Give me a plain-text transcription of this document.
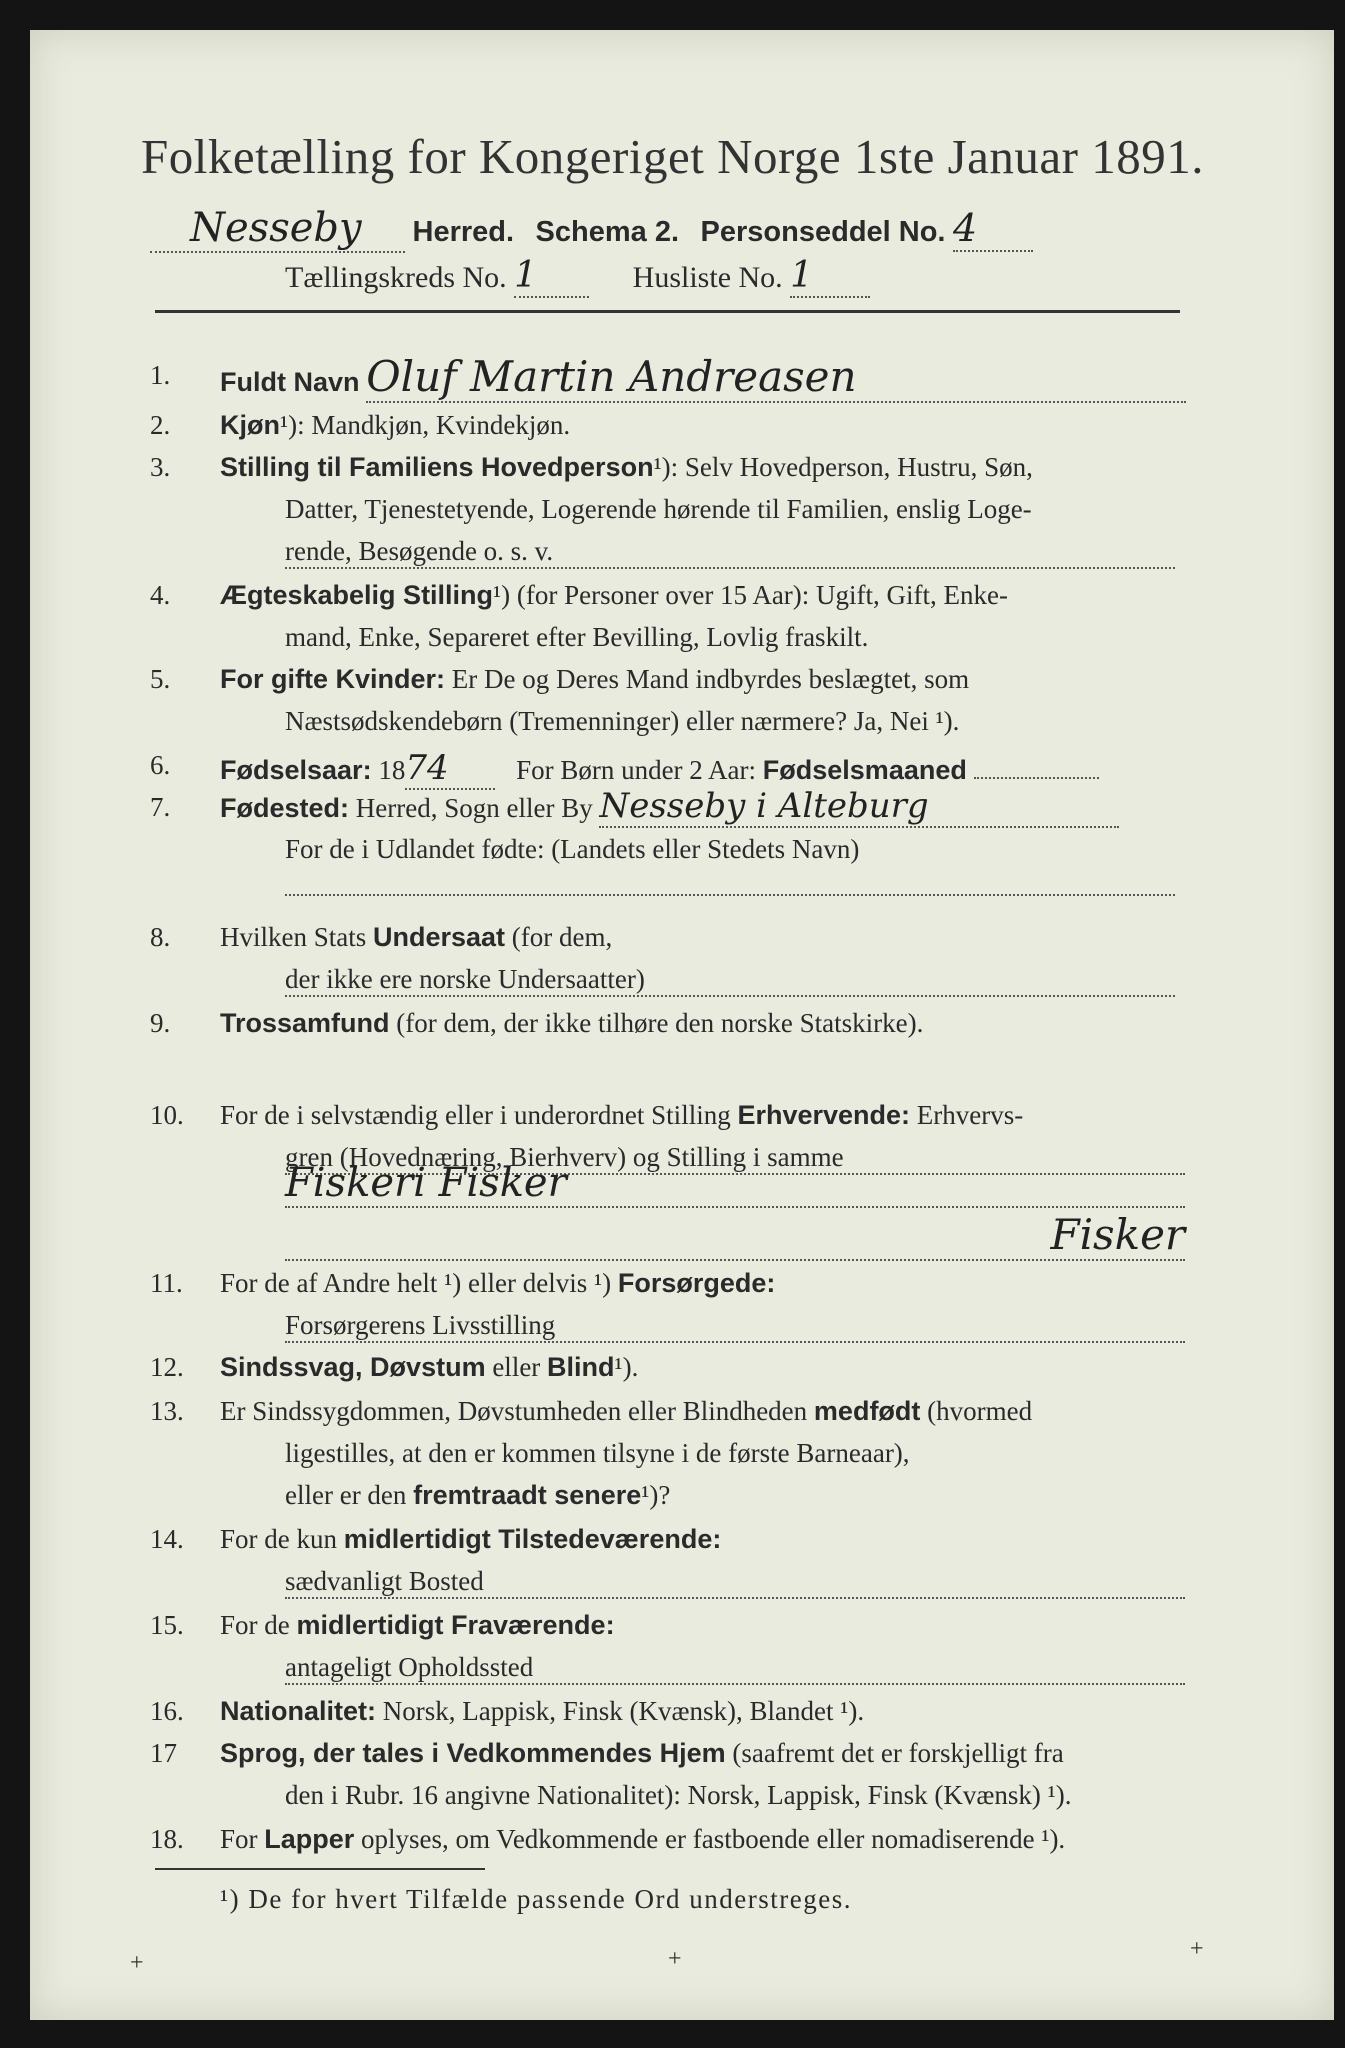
Folketælling for Kongeriget Norge 1ste Januar 1891.
Nesseby Herred. Schema 2. Personseddel No. 4
Tællingskreds No. 1	Husliste No. 1
1.	Fuldt Navn Oluf Martin Andreasen
2.	Kjøn¹): Mandkjøn, Kvindekjøn.
3.	Stilling til Familiens Hovedperson¹): Selv Hovedperson, Hustru, Søn,
Datter, Tjenestetyende, Logerende hørende til Familien, enslig Loge-
rende, Besøgende o. s. v.
4.	Ægteskabelig Stilling¹) (for Personer over 15 Aar): Ugift, Gift, Enke-
mand, Enke, Separeret efter Bevilling, Lovlig fraskilt.
5.	For gifte Kvinder: Er De og Deres Mand indbyrdes beslægtet, som
Næstsødskendebørn (Tremenninger) eller nærmere? Ja, Nei ¹).
6.	Fødselsaar: 1874 For Børn under 2 Aar: Fødselsmaaned
7.	Fødested: Herred, Sogn eller By Nesseby i Alteburg
For de i Udlandet fødte: (Landets eller Stedets Navn)
8.	Hvilken Stats Undersaat (for dem,
der ikke ere norske Undersaatter)
9.	Trossamfund (for dem, der ikke tilhøre den norske Statskirke).
10.	For de i selvstændig eller i underordnet Stilling Erhvervende: Erhvervs-
gren (Hovednæring, Bierhverv) og Stilling i samme
Fiskeri Fisker
Fisker
11.	For de af Andre helt ¹) eller delvis ¹) Forsørgede:
Forsørgerens Livsstilling
12.	Sindssvag, Døvstum eller Blind¹).
13.	Er Sindssygdommen, Døvstumheden eller Blindheden medfødt (hvormed
ligestilles, at den er kommen tilsyne i de første Barneaar),
eller er den fremtraadt senere¹)?
14.	For de kun midlertidigt Tilstedeværende:
sædvanligt Bosted
15.	For de midlertidigt Fraværende:
antageligt Opholdssted
16.	Nationalitet: Norsk, Lappisk, Finsk (Kvænsk), Blandet ¹).
17	Sprog, der tales i Vedkommendes Hjem (saafremt det er forskjelligt fra
den i Rubr. 16 angivne Nationalitet): Norsk, Lappisk, Finsk (Kvænsk) ¹).
18.	For Lapper oplyses, om Vedkommende er fastboende eller nomadiserende ¹).
¹) De for hvert Tilfælde passende Ord understreges.
+	+	+
